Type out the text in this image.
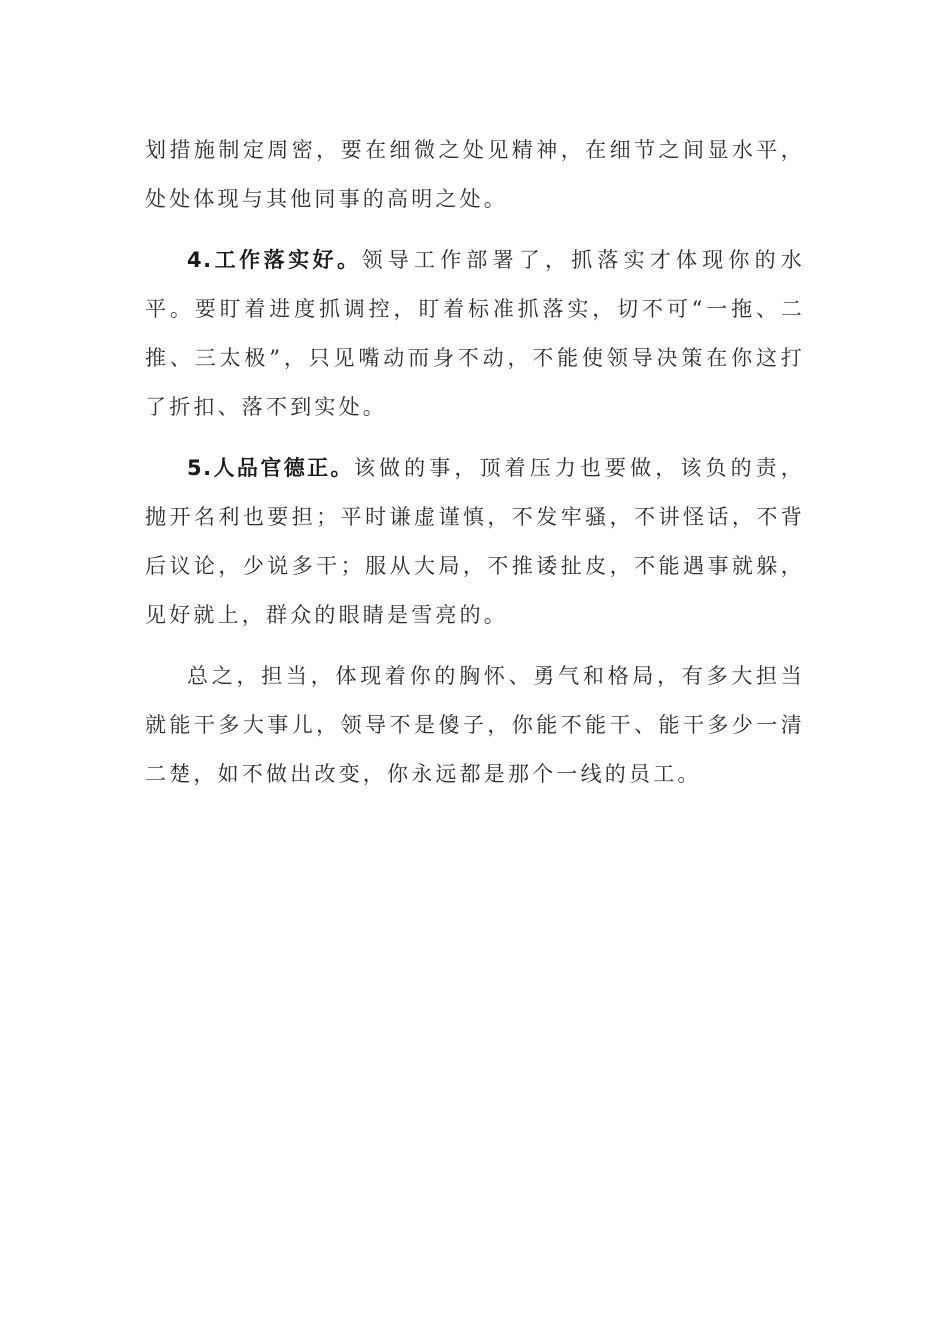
划措施制定周密，要在细微之处见精神，在细节之间显水平，处处体现与其他同事的高明之处。

4.工作落实好。领导工作部署了，抓落实才体现你的水平。要盯着进度抓调控，盯着标准抓落实，切不可“一拖、二推、三太极”，只见嘴动而身不动，不能使领导决策在你这打了折扣、落不到实处。

5.人品官德正。该做的事，顶着压力也要做，该负的责，抛开名利也要担；平时谦虚谨慎，不发牢骚，不讲怪话，不背后议论，少说多干；服从大局，不推诿扯皮，不能遇事就躲，见好就上，群众的眼睛是雪亮的。

总之，担当，体现着你的胸怀、勇气和格局，有多大担当就能干多大事儿，领导不是傻子，你能不能干、能干多少一清二楚，如不做出改变，你永远都是那个一线的员工。
